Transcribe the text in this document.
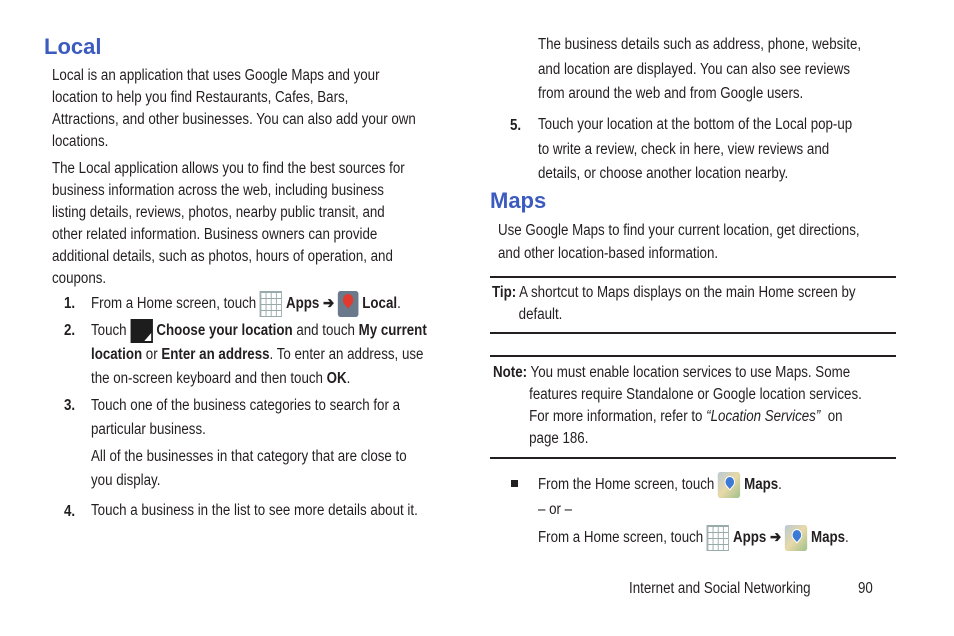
Local
Local is an application that uses Google Maps and your
location to help you find Restaurants, Cafes, Bars,
Attractions, and other businesses. You can also add your own
locations.
The Local application allows you to find the best sources for
business information across the web, including business
listing details, reviews, photos, nearby public transit, and
other related information. Business owners can provide
additional details, such as photos, hours of operation, and
coupons.
1. From a Home screen, touch Apps ➔ Local.
2. Touch Choose your location and touch My current
location or Enter an address. To enter an address, use
the on-screen keyboard and then touch OK.
3. Touch one of the business categories to search for a
particular business.
All of the businesses in that category that are close to
you display.
4. Touch a business in the list to see more details about it.
The business details such as address, phone, website,
and location are displayed. You can also see reviews
from around the web and from Google users.
5. Touch your location at the bottom of the Local pop-up
to write a review, check in here, view reviews and
details, or choose another location nearby.
Maps
Use Google Maps to find your current location, get directions,
and other location-based information.
Tip: A shortcut to Maps displays on the main Home screen by
default.
Note: You must enable location services to use Maps. Some
features require Standalone or Google location services.
For more information, refer to “Location Services” on
page 186.
From the Home screen, touch Maps.
– or –
From a Home screen, touch Apps ➔ Maps.
Internet and Social Networking	90
